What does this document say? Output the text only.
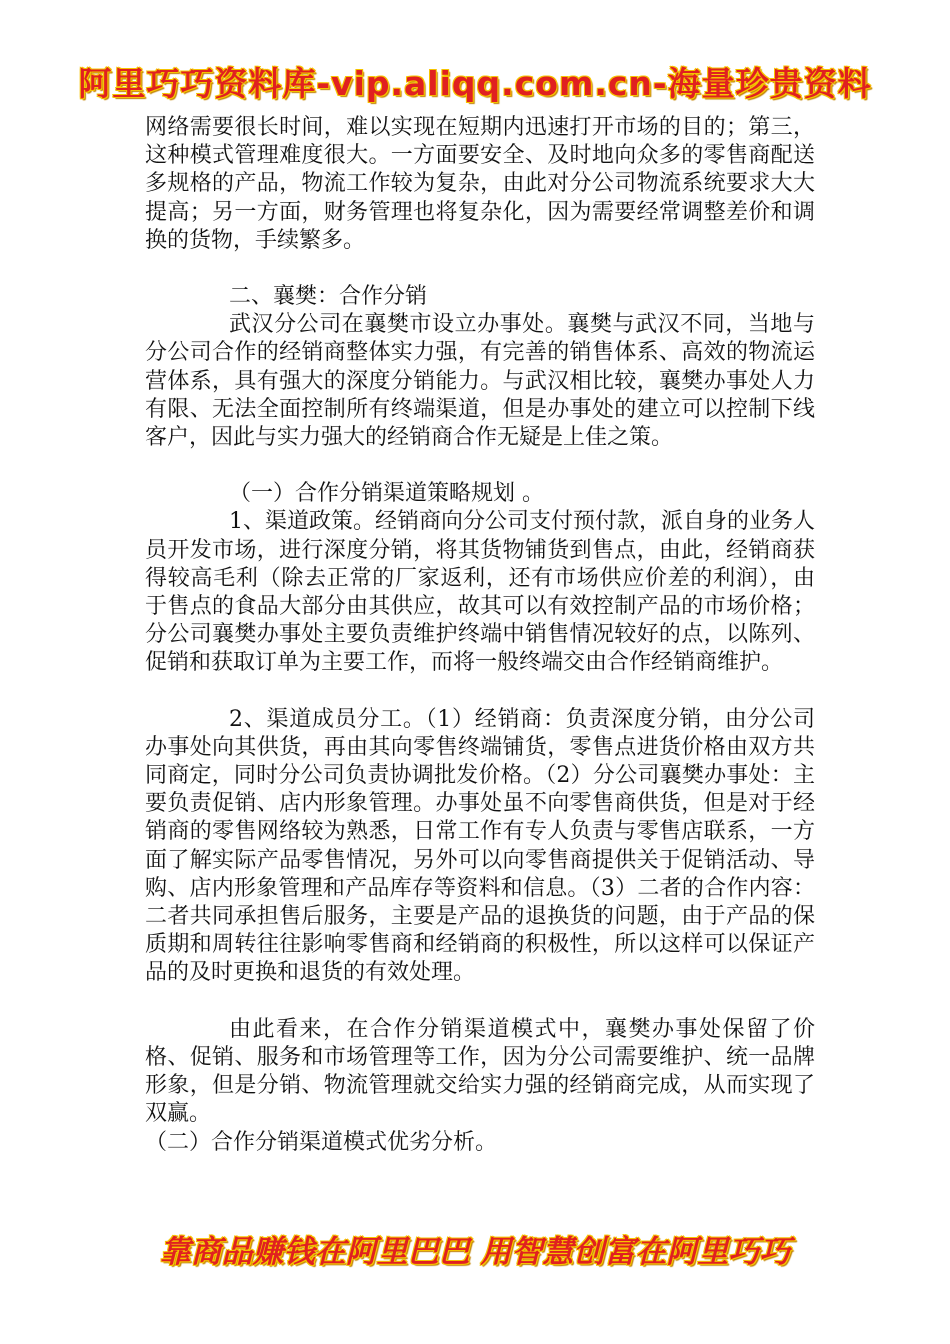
阿里巧巧资料库-vip.aliqq.com.cn-海量珍贵资料

网络需要很长时间，难以实现在短期内迅速打开市场的目的；第三，这种模式管理难度很大。一方面要安全、及时地向众多的零售商配送多规格的产品，物流工作较为复杂，由此对分公司物流系统要求大大提高；另一方面，财务管理也将复杂化，因为需要经常调整差价和调换的货物，手续繁多。

二、襄樊：合作分销

武汉分公司在襄樊市设立办事处。襄樊与武汉不同，当地与分公司合作的经销商整体实力强，有完善的销售体系、高效的物流运营体系，具有强大的深度分销能力。与武汉相比较，襄樊办事处人力有限、无法全面控制所有终端渠道，但是办事处的建立可以控制下线客户，因此与实力强大的经销商合作无疑是上佳之策。

（一）合作分销渠道策略规划 。

1、渠道政策。经销商向分公司支付预付款，派自身的业务人员开发市场，进行深度分销，将其货物铺货到售点，由此，经销商获得较高毛利（除去正常的厂家返利，还有市场供应价差的利润），由于售点的食品大部分由其供应，故其可以有效控制产品的市场价格；分公司襄樊办事处主要负责维护终端中销售情况较好的点，以陈列、促销和获取订单为主要工作，而将一般终端交由合作经销商维护。

2、渠道成员分工。（1）经销商：负责深度分销，由分公司办事处向其供货，再由其向零售终端铺货，零售点进货价格由双方共同商定，同时分公司负责协调批发价格。（2）分公司襄樊办事处：主要负责促销、店内形象管理。办事处虽不向零售商供货，但是对于经销商的零售网络较为熟悉，日常工作有专人负责与零售店联系，一方面了解实际产品零售情况，另外可以向零售商提供关于促销活动、导购、店内形象管理和产品库存等资料和信息。（3）二者的合作内容：二者共同承担售后服务，主要是产品的退换货的问题，由于产品的保质期和周转往往影响零售商和经销商的积极性，所以这样可以保证产品的及时更换和退货的有效处理。

由此看来，在合作分销渠道模式中，襄樊办事处保留了价格、促销、服务和市场管理等工作，因为分公司需要维护、统一品牌形象，但是分销、物流管理就交给实力强的经销商完成，从而实现了双赢。

（二）合作分销渠道模式优劣分析。

靠商品赚钱在阿里巴巴 用智慧创富在阿里巧巧
